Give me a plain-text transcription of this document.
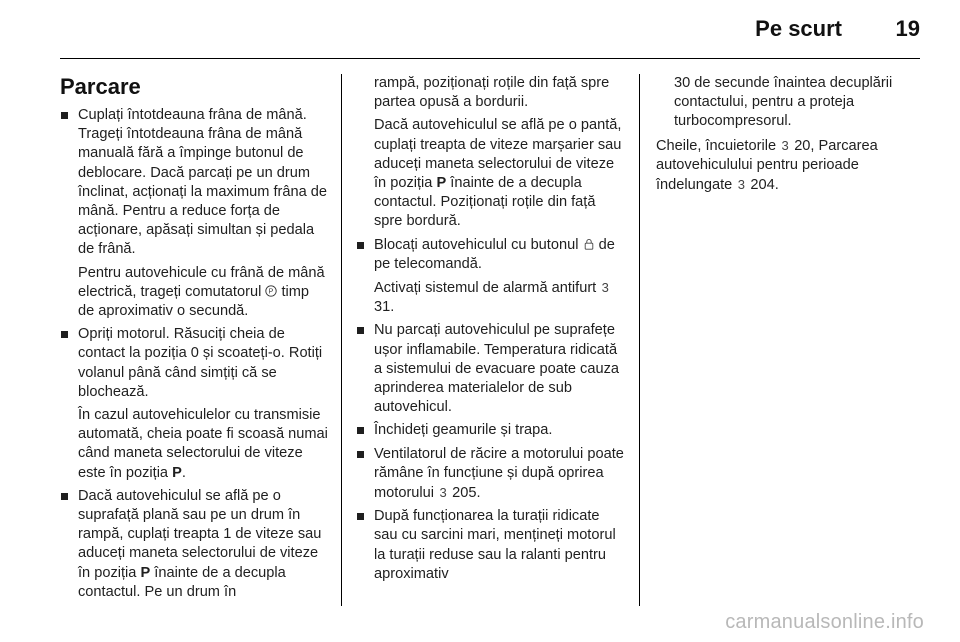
Pe scurt 19
Parcare
Cuplați întotdeauna frâna de mână. Trageți întotdeauna frâna de mână manuală fără a împinge butonul de deblocare. Dacă parcați pe un drum înclinat, acționați la maximum frâna de mână. Pentru a reduce forța de acționare, apăsați simultan și pedala de frână.
Pentru autovehicule cu frână de mână electrică, trageți comutatorul P timp de aproximativ o secundă.
Opriți motorul. Răsuciți cheia de contact la poziția 0 și scoateți-o. Rotiți volanul până când simțiți că se blochează.
În cazul autovehiculelor cu transmisie automată, cheia poate fi scoasă numai când maneta selectorului de viteze este în poziția P.
Dacă autovehiculul se află pe o suprafață plană sau pe un drum în rampă, cuplați treapta 1 de viteze sau aduceți maneta selectorului de viteze în poziția P înainte de a decupla contactul. Pe un drum în
rampă, poziționați roțile din față spre partea opusă a bordurii.
Dacă autovehiculul se află pe o pantă, cuplați treapta de viteze marșarier sau aduceți maneta selectorului de viteze în poziția P înainte de a decupla contactul. Poziționați roțile din față spre bordură.
Blocați autovehiculul cu butonul de pe telecomandă.
Activați sistemul de alarmă antifurt 3 31.
Nu parcați autovehiculul pe suprafețe ușor inflamabile. Temperatura ridicată a sistemului de evacuare poate cauza aprinderea materialelor de sub autovehicul.
Închideți geamurile și trapa.
Ventilatorul de răcire a motorului poate rămâne în funcțiune și după oprirea motorului 3 205.
După funcționarea la turații ridicate sau cu sarcini mari, mențineți motorul la turații reduse sau la ralanti pentru aproximativ
30 de secunde înaintea decuplării contactului, pentru a proteja turbocompresorul.
Cheile, încuietorile 3 20, Parcarea autovehiculului pentru perioade îndelungate 3 204.
carmanualsonline.info
